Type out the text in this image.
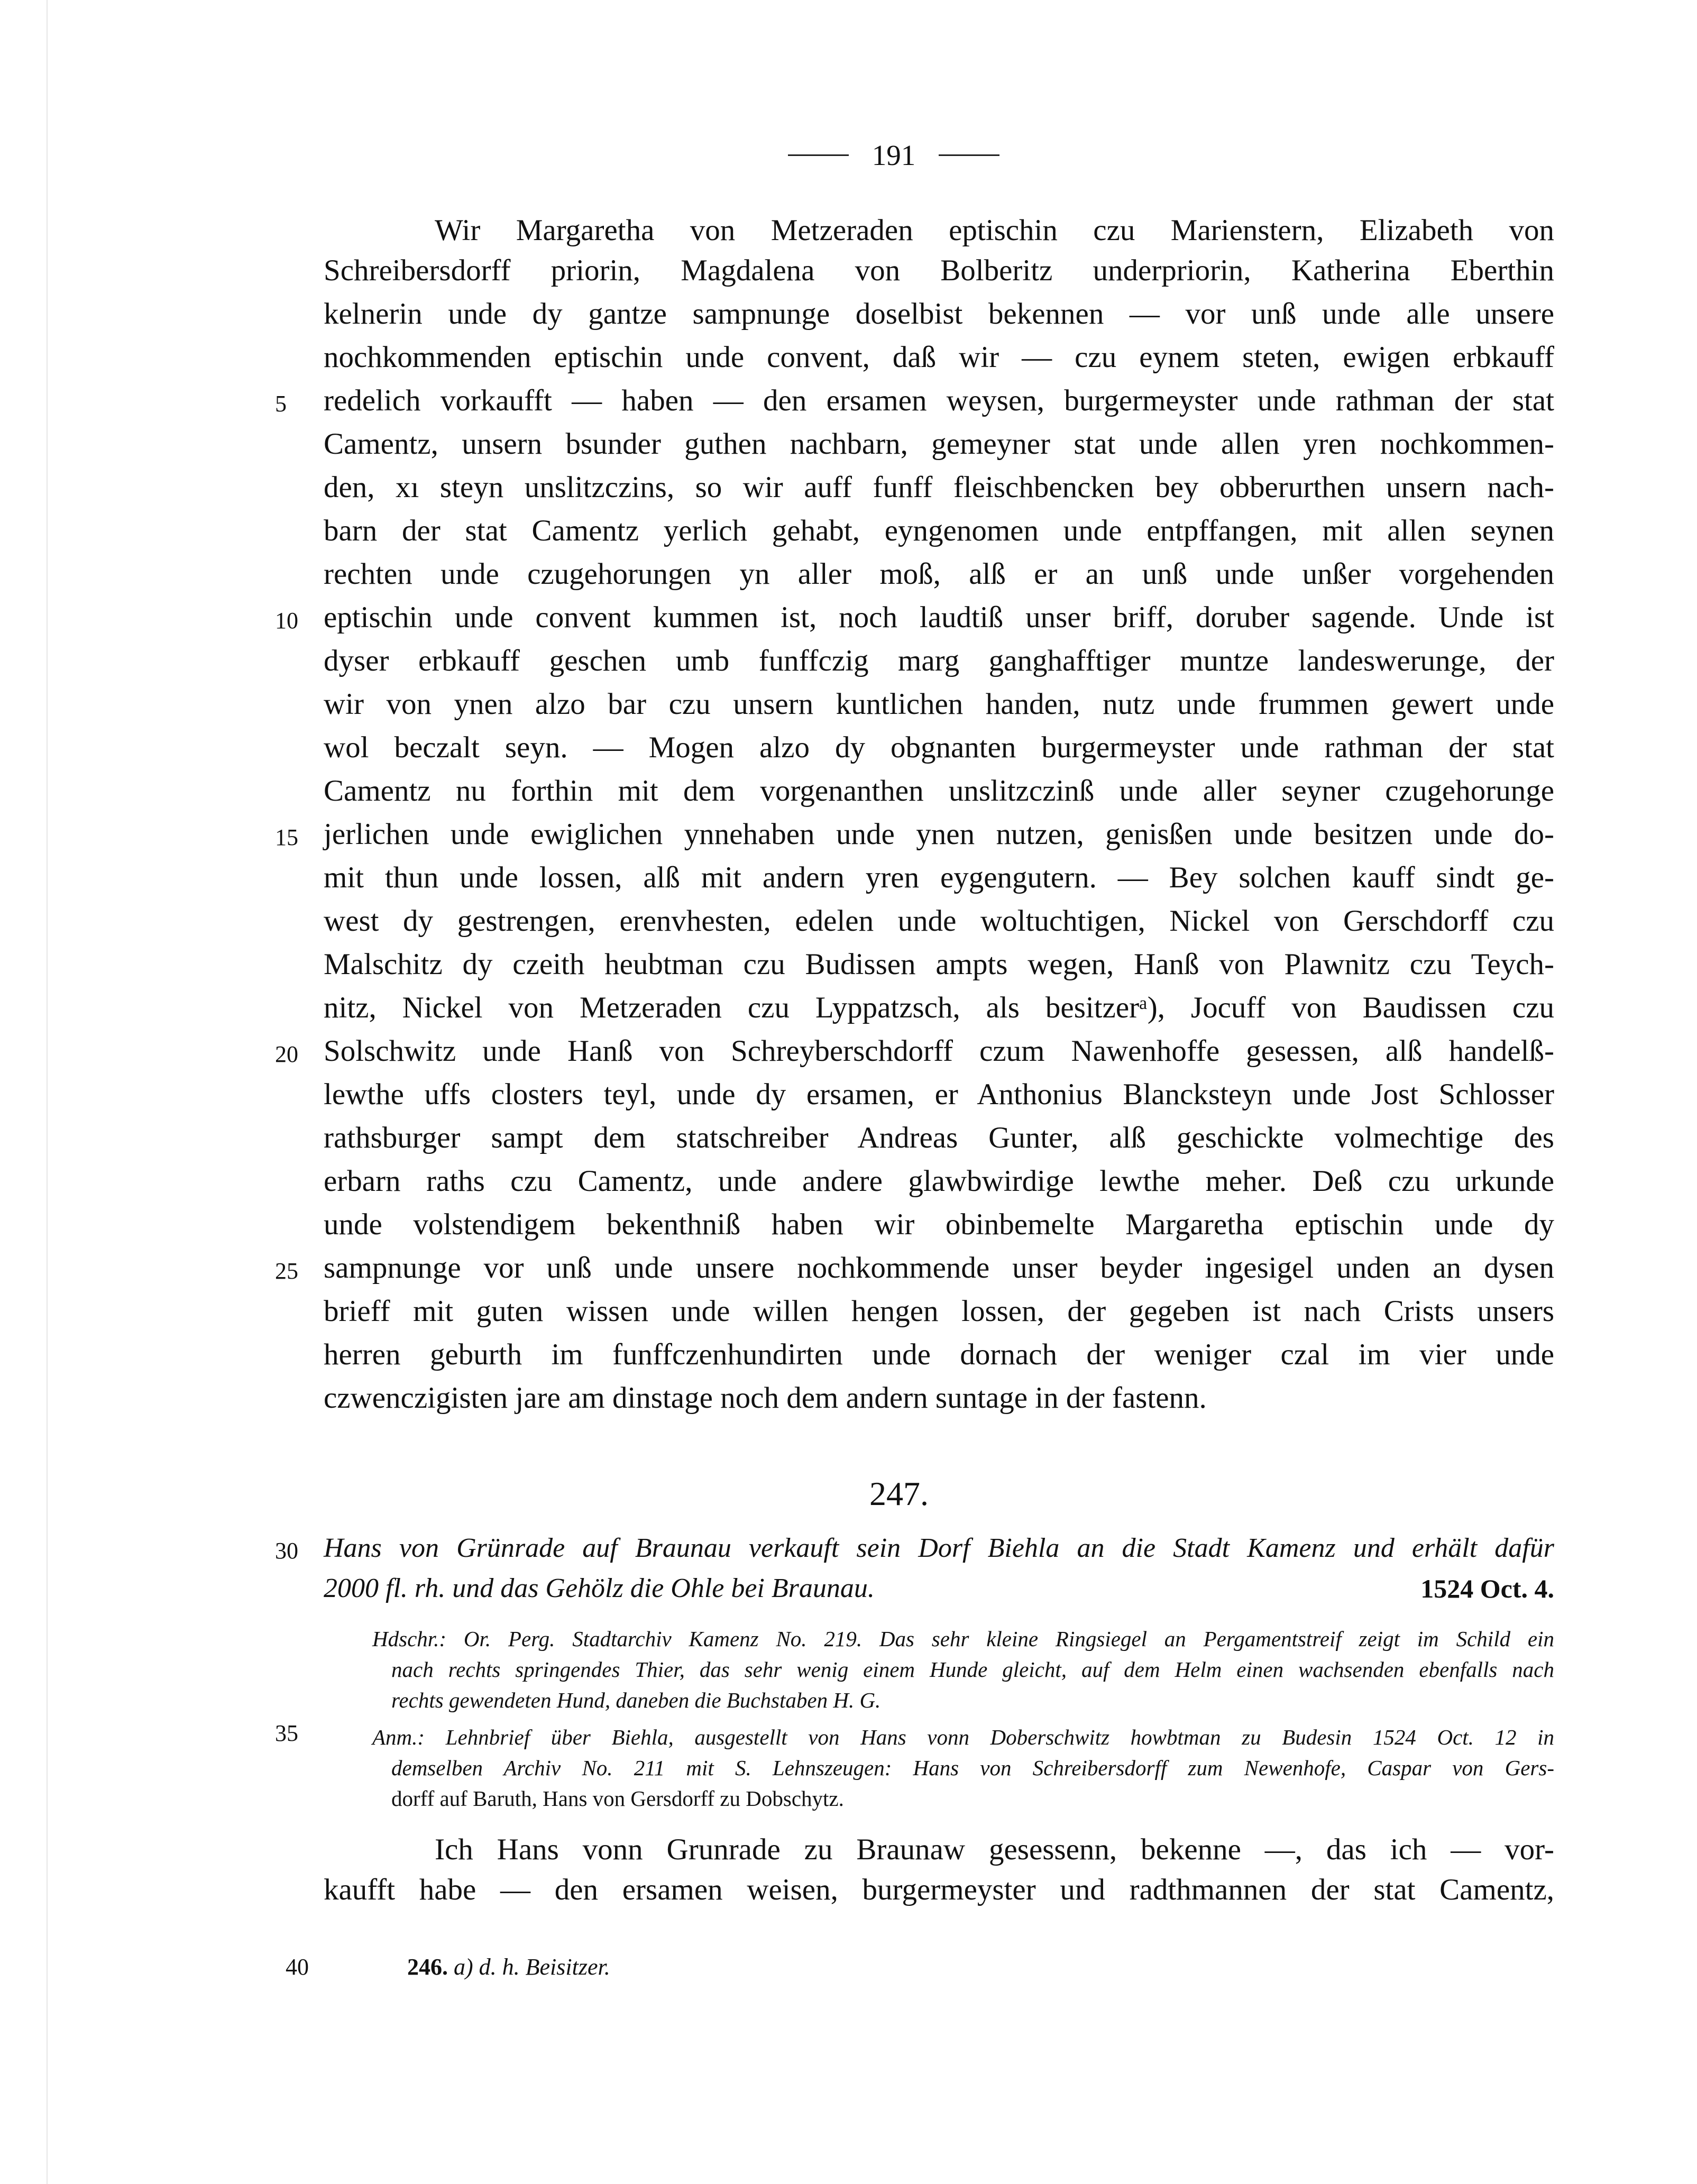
191
Wir Margaretha von Metzeraden eptischin czu Marienstern, Elizabeth von
Schreibersdorff priorin, Magdalena von Bolberitz underpriorin, Katherina Eberthin
kelnerin unde dy gantze sampnunge doselbist bekennen — vor unß unde alle unsere
nochkommenden eptischin unde convent, daß wir — czu eynem steten, ewigen erbkauff
redelich vorkaufft — haben — den ersamen weysen, burgermeyster unde rathman der stat
Camentz, unsern bsunder guthen nachbarn, gemeyner stat unde allen yren nochkommen-
den, xı steyn unslitzczins, so wir auff funff fleischbencken bey obberurthen unsern nach-
barn der stat Camentz yerlich gehabt, eyngenomen unde entpffangen, mit allen seynen
rechten unde czugehorungen yn aller moß, alß er an unß unde unßer vorgehenden
eptischin unde convent kummen ist, noch laudtiß unser briff, doruber sagende. Unde ist
dyser erbkauff geschen umb funffczig marg ganghafftiger muntze landeswerunge, der
wir von ynen alzo bar czu unsern kuntlichen handen, nutz unde frummen gewert unde
wol beczalt seyn. — Mogen alzo dy obgnanten burgermeyster unde rathman der stat
Camentz nu forthin mit dem vorgenanthen unslitzczinß unde aller seyner czugehorunge
jerlichen unde ewiglichen ynnehaben unde ynen nutzen, genisßen unde besitzen unde do-
mit thun unde lossen, alß mit andern yren eygengutern. — Bey solchen kauff sindt ge-
west dy gestrengen, erenvhesten, edelen unde woltuchtigen, Nickel von Gerschdorff czu
Malschitz dy czeith heubtman czu Budissen ampts wegen, Hanß von Plawnitz czu Teych-
nitz, Nickel von Metzeraden czu Lyppatzsch, als besitzerᵃ), Jocuff von Baudissen czu
Solschwitz unde Hanß von Schreyberschdorff czum Nawenhoffe gesessen, alß handelß-
lewthe uffs closters teyl, unde dy ersamen, er Anthonius Blancksteyn unde Jost Schlosser
rathsburger sampt dem statschreiber Andreas Gunter, alß geschickte volmechtige des
erbarn raths czu Camentz, unde andere glawbwirdige lewthe meher. Deß czu urkunde
unde volstendigem bekenthniß haben wir obinbemelte Margaretha eptischin unde dy
sampnunge vor unß unde unsere nochkommende unser beyder ingesigel unden an dysen
brieff mit guten wissen unde willen hengen lossen, der gegeben ist nach Crists unsers
herren geburth im funffczenhundirten unde dornach der weniger czal im vier unde
czwenczigisten jare am dinstage noch dem andern suntage in der fastenn.
5
10
15
20
25
247.
30 Hans von Grünrade auf Braunau verkauft sein Dorf Biehla an die Stadt Kamenz und erhält dafür
2000 fl. rh. und das Gehölz die Ohle bei Braunau.	1524 Oct. 4.
Hdschr.: Or. Perg. Stadtarchiv Kamenz No. 219. Das sehr kleine Ringsiegel an Pergamentstreif zeigt im Schild ein
nach rechts springendes Thier, das sehr wenig einem Hunde gleicht, auf dem Helm einen wachsenden ebenfalls nach
rechts gewendeten Hund, daneben die Buchstaben H. G.
Anm.: Lehnbrief über Biehla, ausgestellt von Hans vonn Doberschwitz howbtman zu Budesin 1524 Oct. 12 in
demselben Archiv No. 211 mit S. Lehnszeugen: Hans von Schreibersdorff zum Newenhofe, Caspar von Gers-
dorff auf Baruth, Hans von Gersdorff zu Dobschytz.
35
Ich Hans vonn Grunrade zu Braunaw gesessenn, bekenne —, das ich — vor-
kaufft habe — den ersamen weisen, burgermeyster und radthmannen der stat Camentz,
40	246. a) d. h. Beisitzer.
